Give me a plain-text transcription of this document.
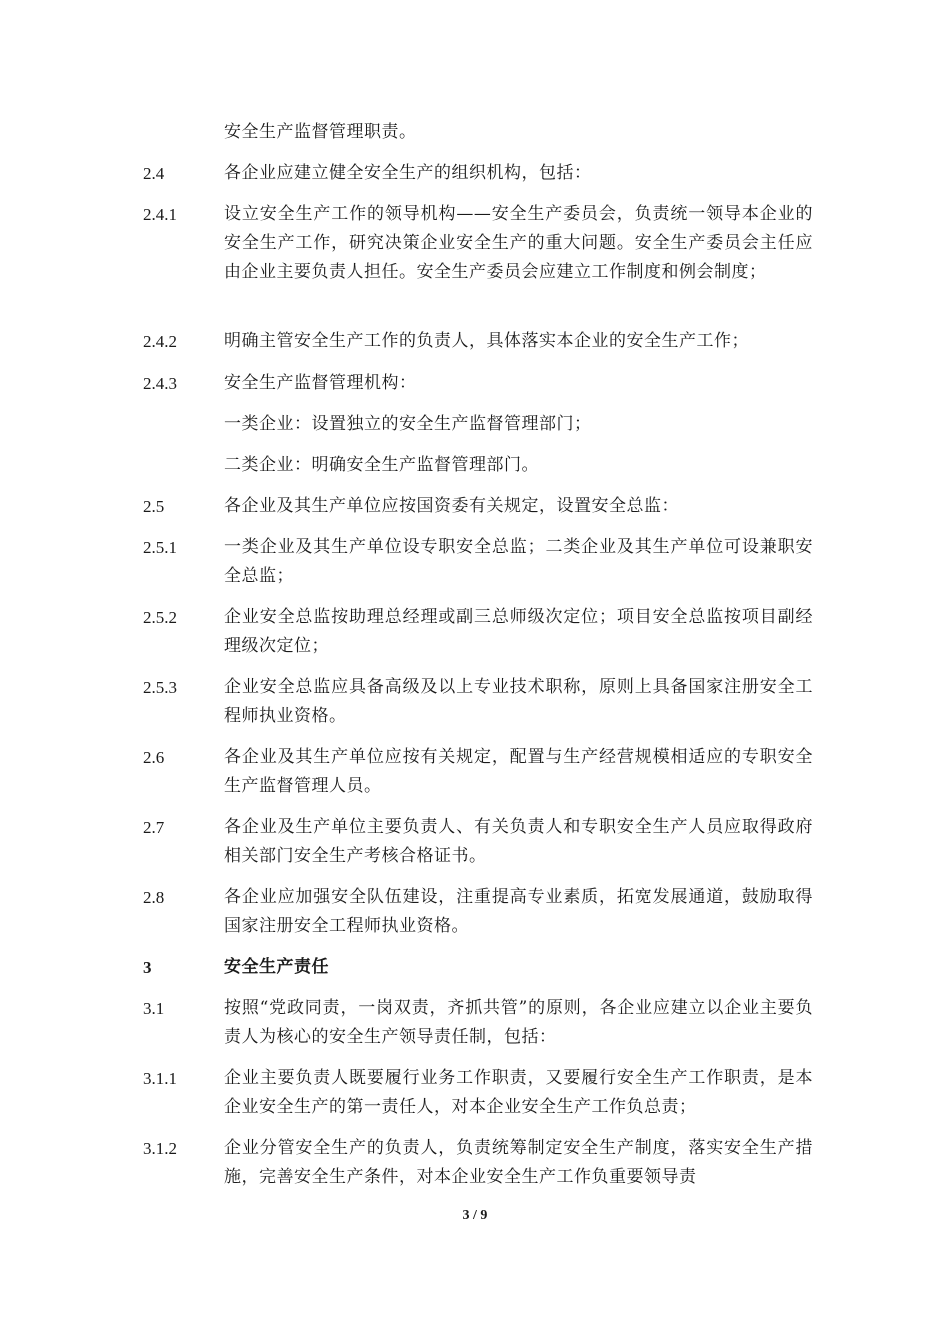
安全生产监督管理职责。
2.4	各企业应建立健全安全生产的组织机构，包括：
2.4.1	设立安全生产工作的领导机构——安全生产委员会，负责统一领导本企业的安全生产工作，研究决策企业安全生产的重大问题。安全生产委员会主任应由企业主要负责人担任。安全生产委员会应建立工作制度和例会制度；
2.4.2	明确主管安全生产工作的负责人，具体落实本企业的安全生产工作；
2.4.3	安全生产监督管理机构：
一类企业：设置独立的安全生产监督管理部门；
二类企业：明确安全生产监督管理部门。
2.5	各企业及其生产单位应按国资委有关规定，设置安全总监：
2.5.1	一类企业及其生产单位设专职安全总监；二类企业及其生产单位可设兼职安全总监；
2.5.2	企业安全总监按助理总经理或副三总师级次定位；项目安全总监按项目副经理级次定位；
2.5.3	企业安全总监应具备高级及以上专业技术职称，原则上具备国家注册安全工程师执业资格。
2.6	各企业及其生产单位应按有关规定，配置与生产经营规模相适应的专职安全生产监督管理人员。
2.7	各企业及生产单位主要负责人、有关负责人和专职安全生产人员应取得政府相关部门安全生产考核合格证书。
2.8	各企业应加强安全队伍建设，注重提高专业素质，拓宽发展通道，鼓励取得国家注册安全工程师执业资格。
3	安全生产责任
3.1	按照“党政同责，一岗双责，齐抓共管”的原则，各企业应建立以企业主要负责人为核心的安全生产领导责任制，包括：
3.1.1	企业主要负责人既要履行业务工作职责，又要履行安全生产工作职责，是本企业安全生产的第一责任人，对本企业安全生产工作负总责；
3.1.2	企业分管安全生产的负责人，负责统筹制定安全生产制度，落实安全生产措施，完善安全生产条件，对本企业安全生产工作负重要领导责
3 / 9
